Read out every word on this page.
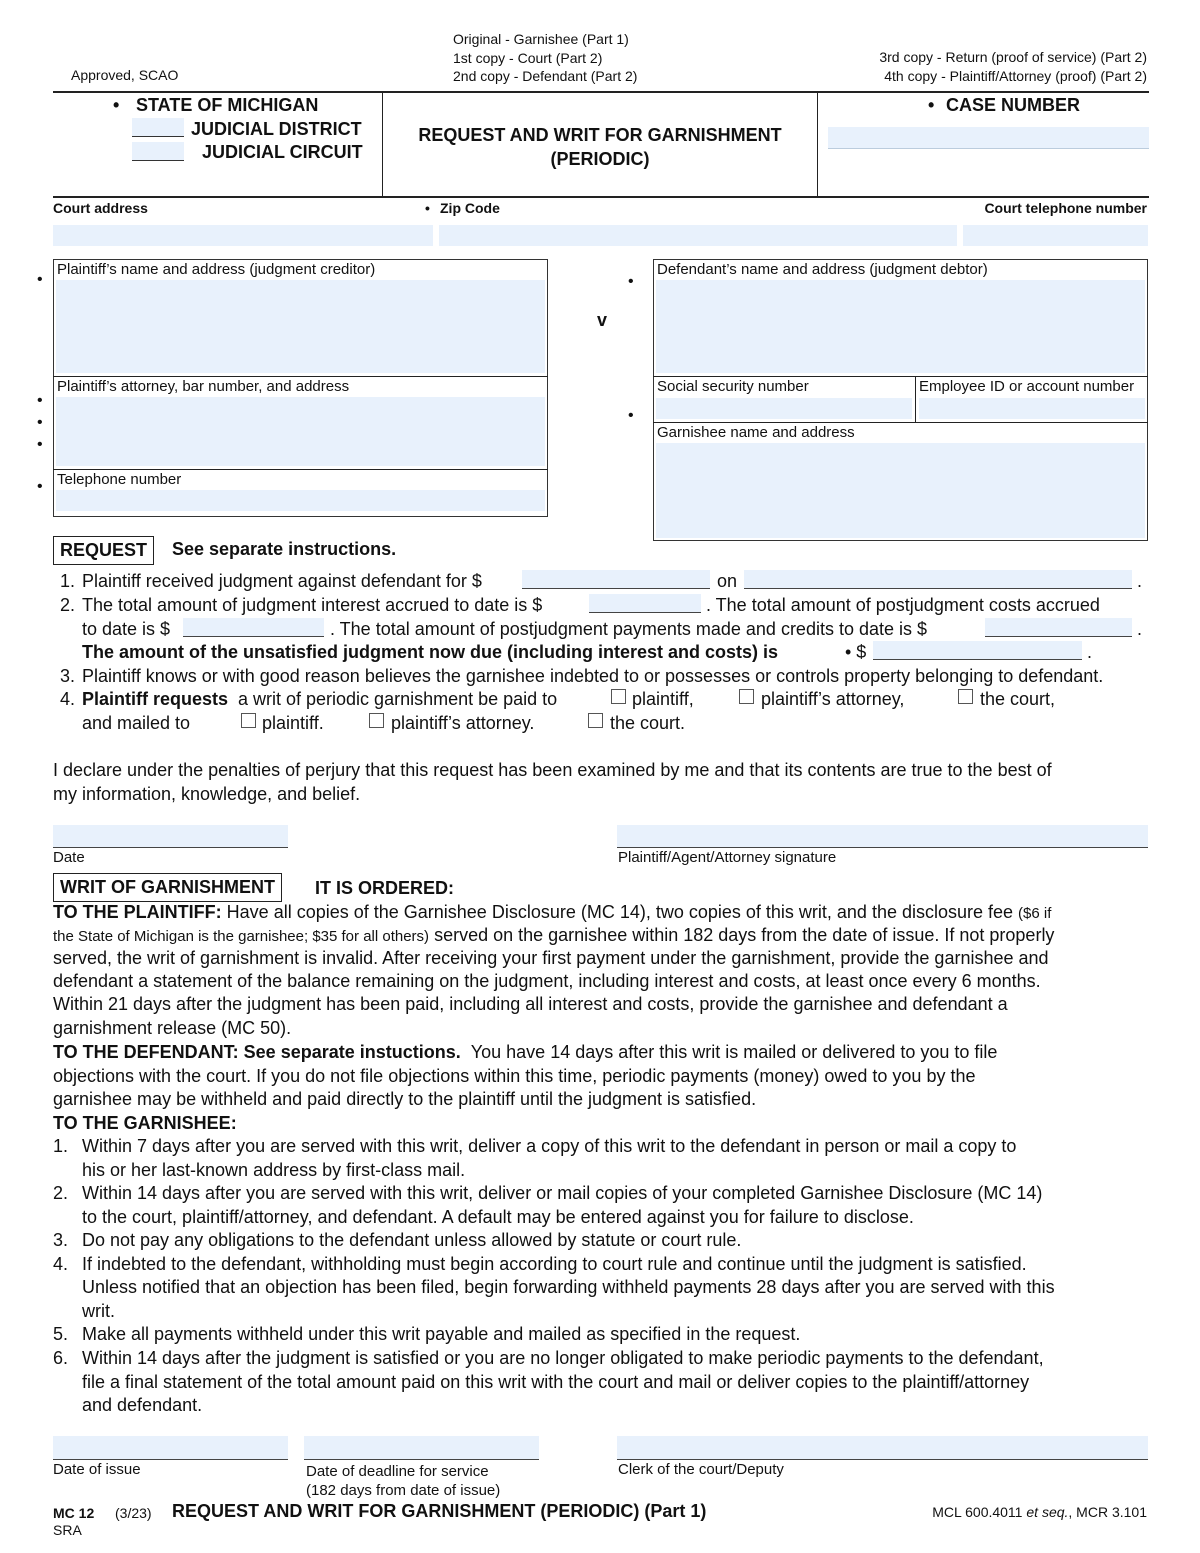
Approved, SCAO
Original - Garnishee (Part 1)
1st copy - Court (Part 2)
2nd copy - Defendant (Part 2)
3rd copy - Return (proof of service) (Part 2)
4th copy - Plaintiff/Attorney (proof) (Part 2)
• STATE OF MICHIGAN
JUDICIAL DISTRICT
JUDICIAL CIRCUIT
REQUEST AND WRIT FOR GARNISHMENT
(PERIODIC)
• CASE NUMBER
Court address	• Zip Code	Court telephone number
Plaintiff’s name and address (judgment creditor)
Plaintiff’s attorney, bar number, and address
Telephone number
•
•
•
•
•
v
Defendant’s name and address (judgment debtor)
Social security number	Employee ID or account number
Garnishee name and address
•
•
REQUEST	See separate instructions.
1. Plaintiff received judgment against defendant for $	on	.
2. The total amount of judgment interest accrued to date is $	. The total amount of postjudgment costs accrued
to date is $	. The total amount of postjudgment payments made and credits to date is $	.
The amount of the unsatisfied judgment now due (including interest and costs) is	• $	.
3. Plaintiff knows or with good reason believes the garnishee indebted to or possesses or controls property belonging to defendant.
4. Plaintiff requests a writ of periodic garnishment be paid to	plaintiff,	plaintiff’s attorney,	the court,
and mailed to	plaintiff.	plaintiff’s attorney.	the court.
I declare under the penalties of perjury that this request has been examined by me and that its contents are true to the best of
my information, knowledge, and belief.
Date	Plaintiff/Agent/Attorney signature
WRIT OF GARNISHMENT	IT IS ORDERED:
TO THE PLAINTIFF: Have all copies of the Garnishee Disclosure (MC 14), two copies of this writ, and the disclosure fee ($6 if
the State of Michigan is the garnishee; $35 for all others) served on the garnishee within 182 days from the date of issue. If not properly
served, the writ of garnishment is invalid. After receiving your first payment under the garnishment, provide the garnishee and
defendant a statement of the balance remaining on the judgment, including interest and costs, at least once every 6 months.
Within 21 days after the judgment has been paid, including all interest and costs, provide the garnishee and defendant a
garnishment release (MC 50).
TO THE DEFENDANT: See separate instuctions. You have 14 days after this writ is mailed or delivered to you to file
objections with the court. If you do not file objections within this time, periodic payments (money) owed to you by the
garnishee may be withheld and paid directly to the plaintiff until the judgment is satisfied.
TO THE GARNISHEE:
1. Within 7 days after you are served with this writ, deliver a copy of this writ to the defendant in person or mail a copy to
his or her last-known address by first-class mail.
2. Within 14 days after you are served with this writ, deliver or mail copies of your completed Garnishee Disclosure (MC 14)
to the court, plaintiff/attorney, and defendant. A default may be entered against you for failure to disclose.
3. Do not pay any obligations to the defendant unless allowed by statute or court rule.
4. If indebted to the defendant, withholding must begin according to court rule and continue until the judgment is satisfied.
Unless notified that an objection has been filed, begin forwarding withheld payments 28 days after you are served with this
writ.
5. Make all payments withheld under this writ payable and mailed as specified in the request.
6. Within 14 days after the judgment is satisfied or you are no longer obligated to make periodic payments to the defendant,
file a final statement of the total amount paid on this writ with the court and mail or deliver copies to the plaintiff/attorney
and defendant.
Date of issue	Date of deadline for service
(182 days from date of issue)
Clerk of the court/Deputy
MC 12 (3/23)
SRA
REQUEST AND WRIT FOR GARNISHMENT (PERIODIC) (Part 1)	MCL 600.4011 et seq., MCR 3.101
